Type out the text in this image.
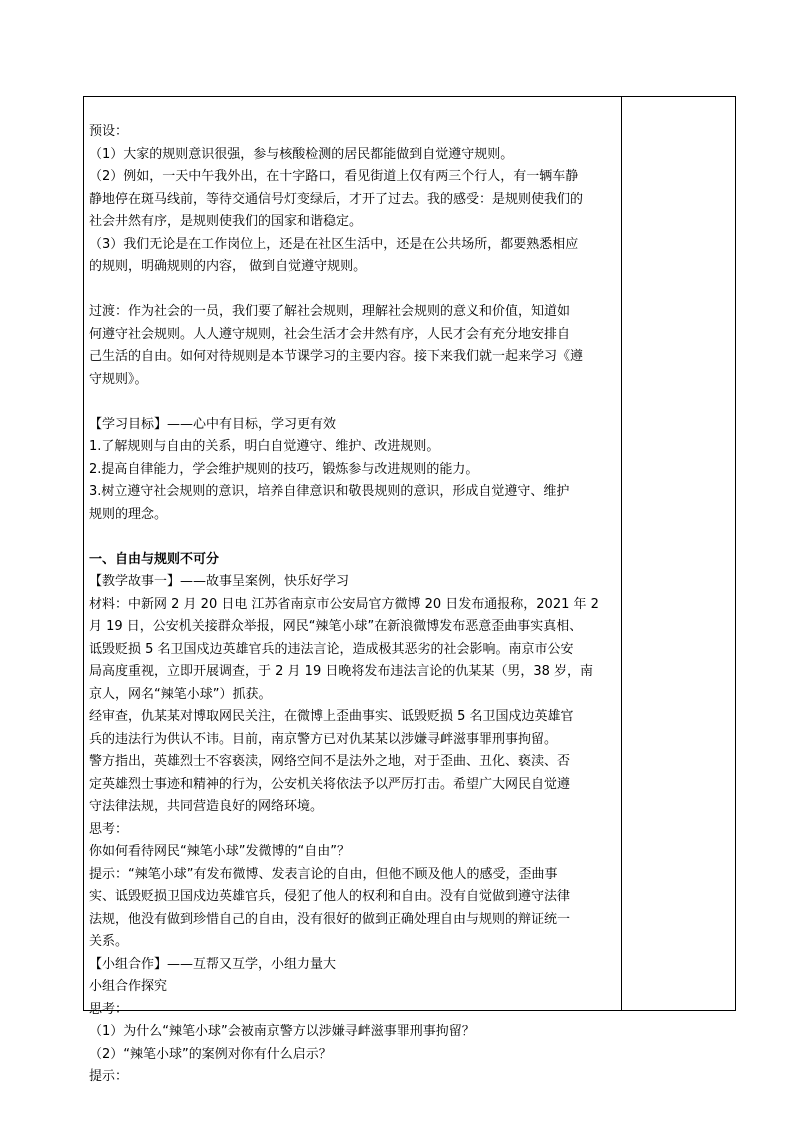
预设：
（1）大家的规则意识很强，参与核酸检测的居民都能做到自觉遵守规则。
（2）例如，一天中午我外出，在十字路口，看见街道上仅有两三个行人，有一辆车静
静地停在斑马线前，等待交通信号灯变绿后，才开了过去。我的感受：是规则使我们的
社会井然有序，是规则使我们的国家和谐稳定。
（3）我们无论是在工作岗位上，还是在社区生活中，还是在公共场所，都要熟悉相应
的规则，明确规则的内容， 做到自觉遵守规则。
过渡：作为社会的一员，我们要了解社会规则，理解社会规则的意义和价值，知道如
何遵守社会规则。人人遵守规则，社会生活才会井然有序，人民才会有充分地安排自
己生活的自由。如何对待规则是本节课学习的主要内容。接下来我们就一起来学习《遵
守规则》。
【学习目标】——心中有目标，学习更有效
1.了解规则与自由的关系，明白自觉遵守、维护、改进规则。
2.提高自律能力，学会维护规则的技巧，锻炼参与改进规则的能力。
3.树立遵守社会规则的意识，培养自律意识和敬畏规则的意识，形成自觉遵守、维护
规则的理念。
一、自由与规则不可分
【教学故事一】——故事呈案例，快乐好学习
材料：中新网 2 月 20 日电 江苏省南京市公安局官方微博 20 日发布通报称，2021 年 2
月 19 日，公安机关接群众举报，网民“辣笔小球”在新浪微博发布恶意歪曲事实真相、
诋毁贬损 5 名卫国戍边英雄官兵的违法言论，造成极其恶劣的社会影响。南京市公安
局高度重视，立即开展调查，于 2 月 19 日晚将发布违法言论的仇某某（男，38 岁，南
京人，网名“辣笔小球”）抓获。
经审查，仇某某对博取网民关注，在微博上歪曲事实、诋毁贬损 5 名卫国戍边英雄官
兵的违法行为供认不讳。目前，南京警方已对仇某某以涉嫌寻衅滋事罪刑事拘留。
警方指出，英雄烈士不容亵渎，网络空间不是法外之地，对于歪曲、丑化、亵渎、否
定英雄烈士事迹和精神的行为，公安机关将依法予以严厉打击。希望广大网民自觉遵
守法律法规，共同营造良好的网络环境。
思考：
你如何看待网民“辣笔小球”发微博的“自由”？
提示：“辣笔小球”有发布微博、发表言论的自由，但他不顾及他人的感受，歪曲事
实、诋毁贬损卫国戍边英雄官兵，侵犯了他人的权利和自由。没有自觉做到遵守法律
法规，他没有做到珍惜自己的自由，没有很好的做到正确处理自由与规则的辩证统一
关系。
【小组合作】——互帮又互学，小组力量大
小组合作探究
思考：
（1）为什么“辣笔小球”会被南京警方以涉嫌寻衅滋事罪刑事拘留？
（2）“辣笔小球”的案例对你有什么启示？
提示：
